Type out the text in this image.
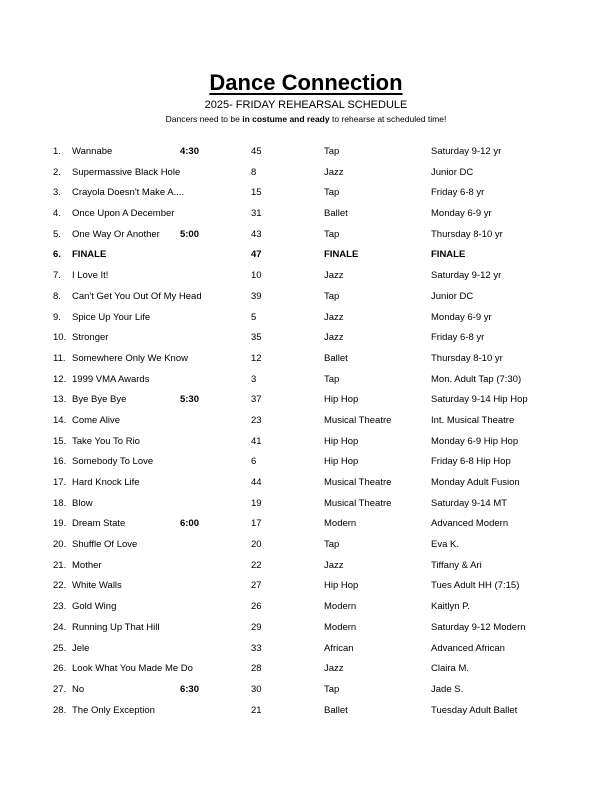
Dance Connection
2025- FRIDAY REHEARSAL SCHEDULE
Dancers need to be in costume and ready to rehearse at scheduled time!
1. Wannabe	4:30	45	Tap	Saturday 9-12 yr
2. Supermassive Black Hole	8	Jazz	Junior DC
3. Crayola Doesn't Make A....	15	Tap	Friday 6-8 yr
4. Once Upon A December	31	Ballet	Monday 6-9 yr
5. One Way Or Another 5:00	43	Tap	Thursday 8-10 yr
6. FINALE	47	FINALE	FINALE
7. I Love It!	10	Jazz	Saturday 9-12 yr
8. Can't Get You Out Of My Head	39	Tap	Junior DC
9. Spice Up Your Life	5	Jazz	Monday 6-9 yr
10. Stronger	35	Jazz	Friday 6-8 yr
11. Somewhere Only We Know	12	Ballet	Thursday 8-10 yr
12. 1999 VMA Awards	3	Tap	Mon. Adult Tap (7:30)
13. Bye Bye Bye	5:30	37	Hip Hop	Saturday 9-14 Hip Hop
14. Come Alive	23	Musical Theatre	Int. Musical Theatre
15. Take You To Rio	41	Hip Hop	Monday 6-9 Hip Hop
16. Somebody To Love	6	Hip Hop	Friday 6-8 Hip Hop
17. Hard Knock Life	44	Musical Theatre	Monday Adult Fusion
18. Blow	19	Musical Theatre	Saturday 9-14 MT
19. Dream State	6:00	17	Modern	Advanced Modern
20. Shuffle Of Love	20	Tap	Eva K.
21. Mother	22	Jazz	Tiffany & Ari
22. White Walls	27	Hip Hop	Tues Adult HH (7:15)
23. Gold Wing	26	Modern	Kaitlyn P.
24. Running Up That Hill	29	Modern	Saturday 9-12 Modern
25. Jele	33	African	Advanced African
26. Look What You Made Me Do	28	Jazz	Claira M.
27. No	6:30	30	Tap	Jade S.
28. The Only Exception	21	Ballet	Tuesday Adult Ballet
